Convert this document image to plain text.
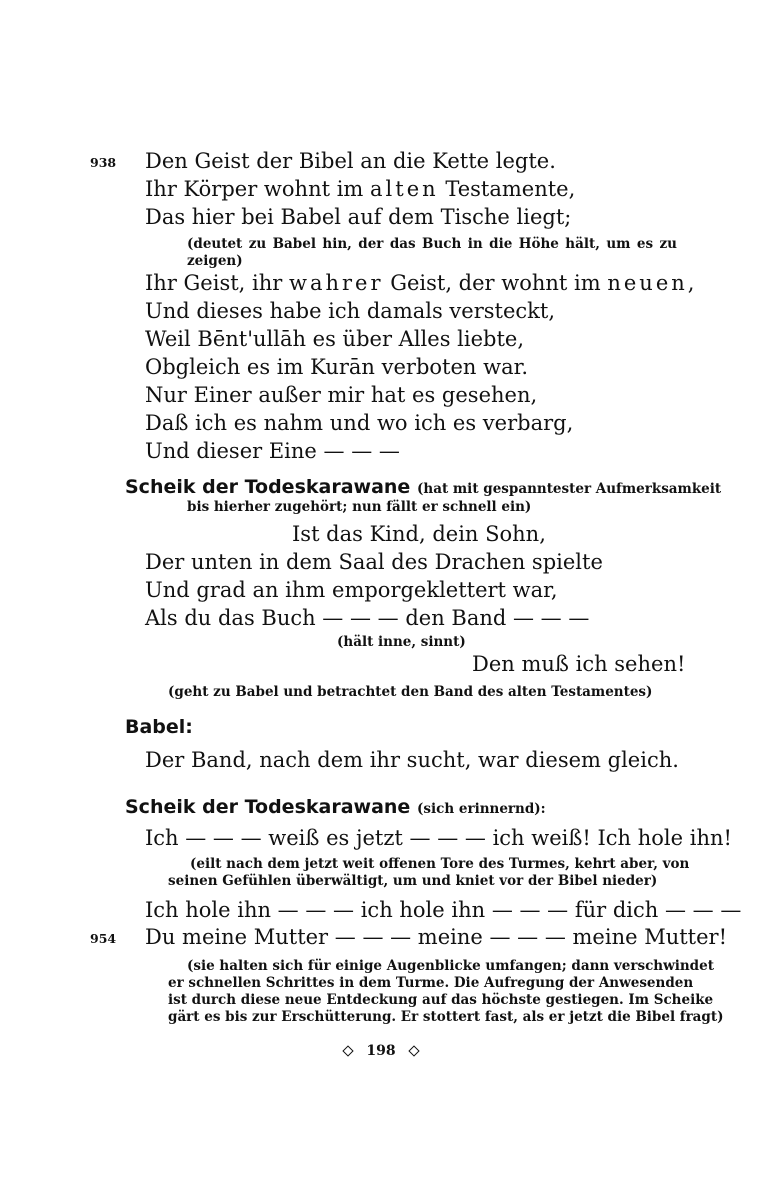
938 Den Geist der Bibel an die Kette legte.
Ihr Körper wohnt im alten Testamente,
Das hier bei Babel auf dem Tische liegt;
(deutet zu Babel hin, der das Buch in die Höhe hält, um es zu zeigen)
Ihr Geist, ihr wahrer Geist, der wohnt im neuen,
Und dieses habe ich damals versteckt,
Weil Bēnt'ullāh es über Alles liebte,
Obgleich es im Kurān verboten war.
Nur Einer außer mir hat es gesehen,
Daß ich es nahm und wo ich es verbarg,
Und dieser Eine — — —
Scheik der Todeskarawane (hat mit gespanntester Aufmerksamkeit
bis hierher zugehört; nun fällt er schnell ein)
Ist das Kind, dein Sohn,
Der unten in dem Saal des Drachen spielte
Und grad an ihm emporgeklettert war,
Als du das Buch — — — den Band — — —
(hält inne, sinnt)
Den muß ich sehen!
(geht zu Babel und betrachtet den Band des alten Testamentes)
Babel:
Der Band, nach dem ihr sucht, war diesem gleich.
Scheik der Todeskarawane (sich erinnernd):
Ich — — — weiß es jetzt — — — ich weiß! Ich hole ihn!
(eilt nach dem jetzt weit offenen Tore des Turmes, kehrt aber, von
seinen Gefühlen überwältigt, um und kniet vor der Bibel nieder)
Ich hole ihn — — — ich hole ihn — — — für dich — — —
954 Du meine Mutter — — — meine — — — meine Mutter!
(sie halten sich für einige Augenblicke umfangen; dann verschwindet
er schnellen Schrittes in dem Turme. Die Aufregung der Anwesenden
ist durch diese neue Entdeckung auf das höchste gestiegen. Im Scheike
gärt es bis zur Erschütterung. Er stottert fast, als er jetzt die Bibel fragt)
198
